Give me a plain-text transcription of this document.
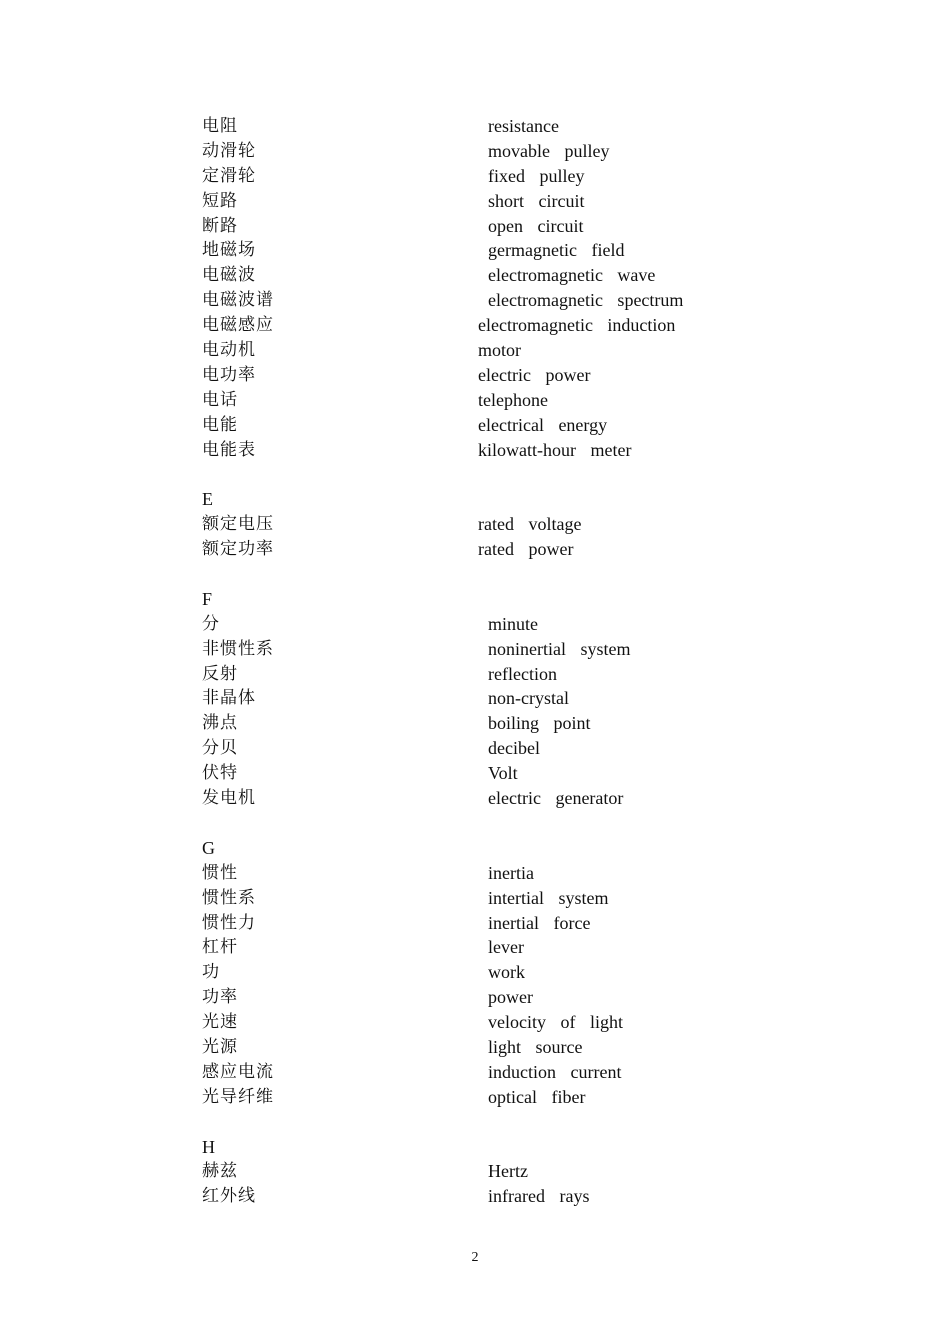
电阻	resistance
动滑轮	movable pulley
定滑轮	fixed pulley
短路	short circuit
断路	open circuit
地磁场	germagnetic field
电磁波	electromagnetic wave
电磁波谱	electromagnetic spectrum
电磁感应	electromagnetic induction
电动机	motor
电功率	electric power
电话	telephone
电能	electrical energy
电能表	kilowatt-hour meter
E
额定电压	rated voltage
额定功率	rated power
F
分	minute
非惯性系	noninertial system
反射	reflection
非晶体	non-crystal
沸点	boiling point
分贝	decibel
伏特	Volt
发电机	electric generator
G
惯性	inertia
惯性系	intertial system
惯性力	inertial force
杠杆	lever
功	work
功率	power
光速	velocity of light
光源	light source
感应电流	induction current
光导纤维	optical fiber
H
赫兹	Hertz
红外线	infrared rays
2
